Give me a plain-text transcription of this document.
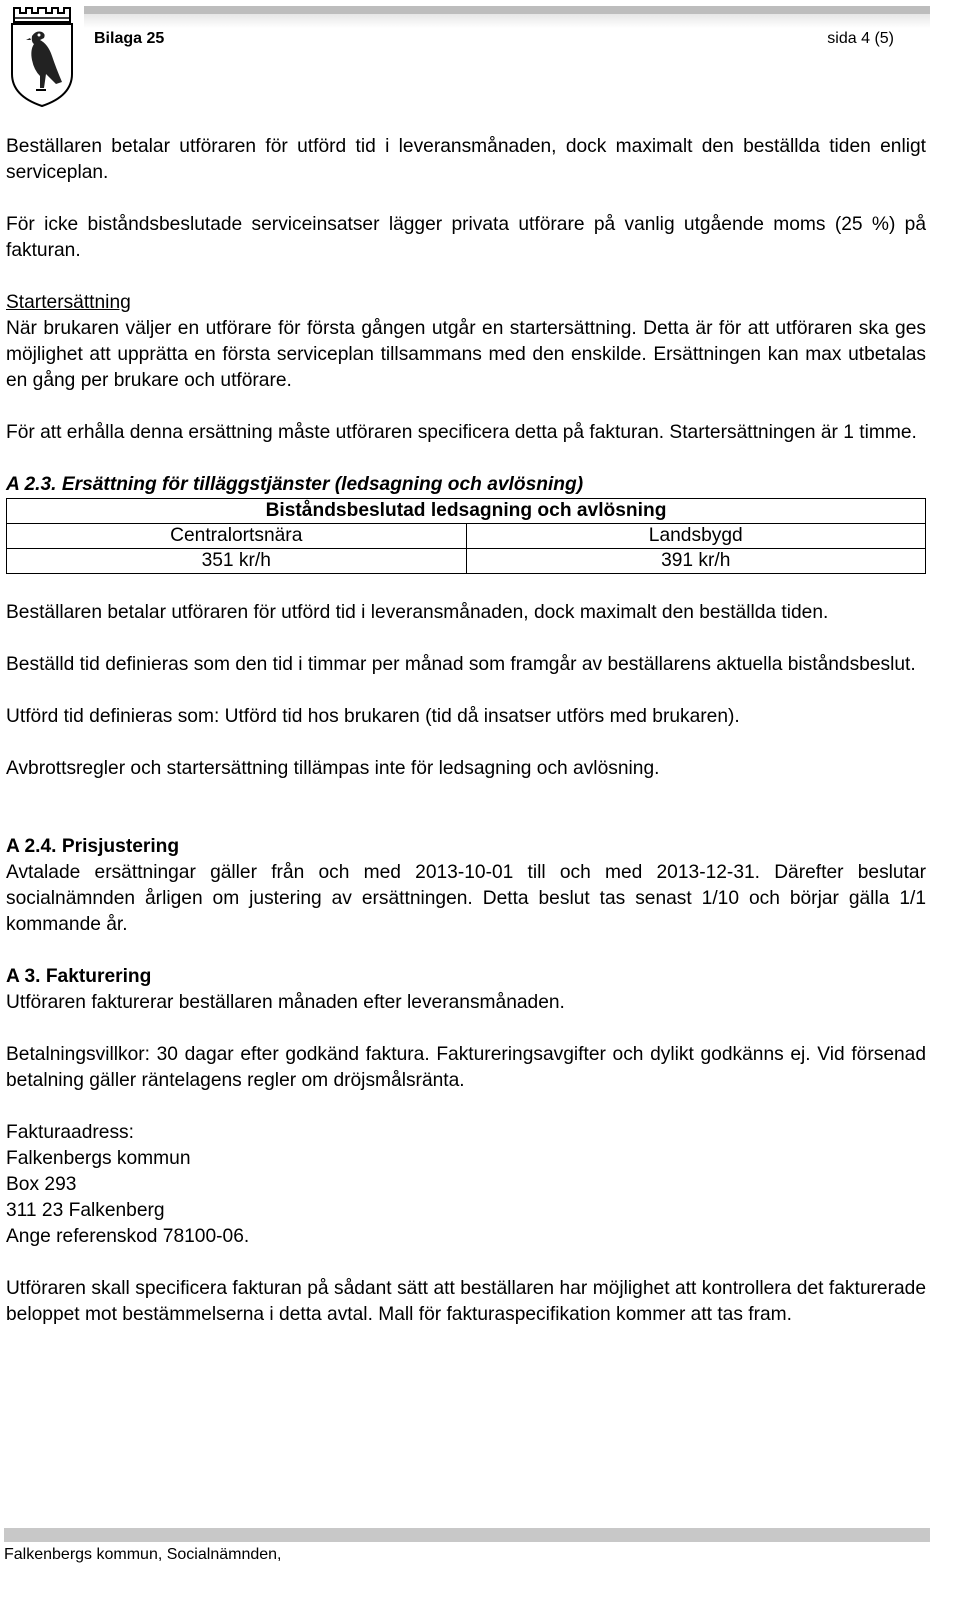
Bilaga 25	sida 4 (5)

Beställaren betalar utföraren för utförd tid i leveransmånaden, dock maximalt den beställda tiden enligt serviceplan.

För icke biståndsbeslutade serviceinsatser lägger privata utförare på vanlig utgående moms (25 %) på fakturan.

Startersättning
När brukaren väljer en utförare för första gången utgår en startersättning. Detta är för att utföraren ska ges möjlighet att upprätta en första serviceplan tillsammans med den enskilde. Ersättningen kan max utbetalas en gång per brukare och utförare.

För att erhålla denna ersättning måste utföraren specificera detta på fakturan. Startersättningen är 1 timme.

A 2.3. Ersättning för tilläggstjänster (ledsagning och avlösning)
Biståndsbeslutad ledsagning och avlösning	
Centralortsnära	Landsbygd
351 kr/h	391 kr/h

Beställaren betalar utföraren för utförd tid i leveransmånaden, dock maximalt den beställda tiden.

Beställd tid definieras som den tid i timmar per månad som framgår av beställarens aktuella biståndsbeslut.

Utförd tid definieras som: Utförd tid hos brukaren (tid då insatser utförs med brukaren).

Avbrottsregler och startersättning tillämpas inte för ledsagning och avlösning.

A 2.4. Prisjustering
Avtalade ersättningar gäller från och med 2013-10-01 till och med 2013-12-31. Därefter beslutar socialnämnden årligen om justering av ersättningen. Detta beslut tas senast 1/10 och börjar gälla 1/1 kommande år.

A 3. Fakturering
Utföraren fakturerar beställaren månaden efter leveransmånaden.

Betalningsvillkor: 30 dagar efter godkänd faktura. Faktureringsavgifter och dylikt godkänns ej. Vid försenad betalning gäller räntelagens regler om dröjsmålsränta.

Fakturaadress:
Falkenbergs kommun
Box 293
311 23 Falkenberg
Ange referenskod 78100-06.

Utföraren skall specificera fakturan på sådant sätt att beställaren har möjlighet att kontrollera det fakturerade beloppet mot bestämmelserna i detta avtal. Mall för fakturaspecifikation kommer att tas fram.

Falkenbergs kommun, Socialnämnden,
